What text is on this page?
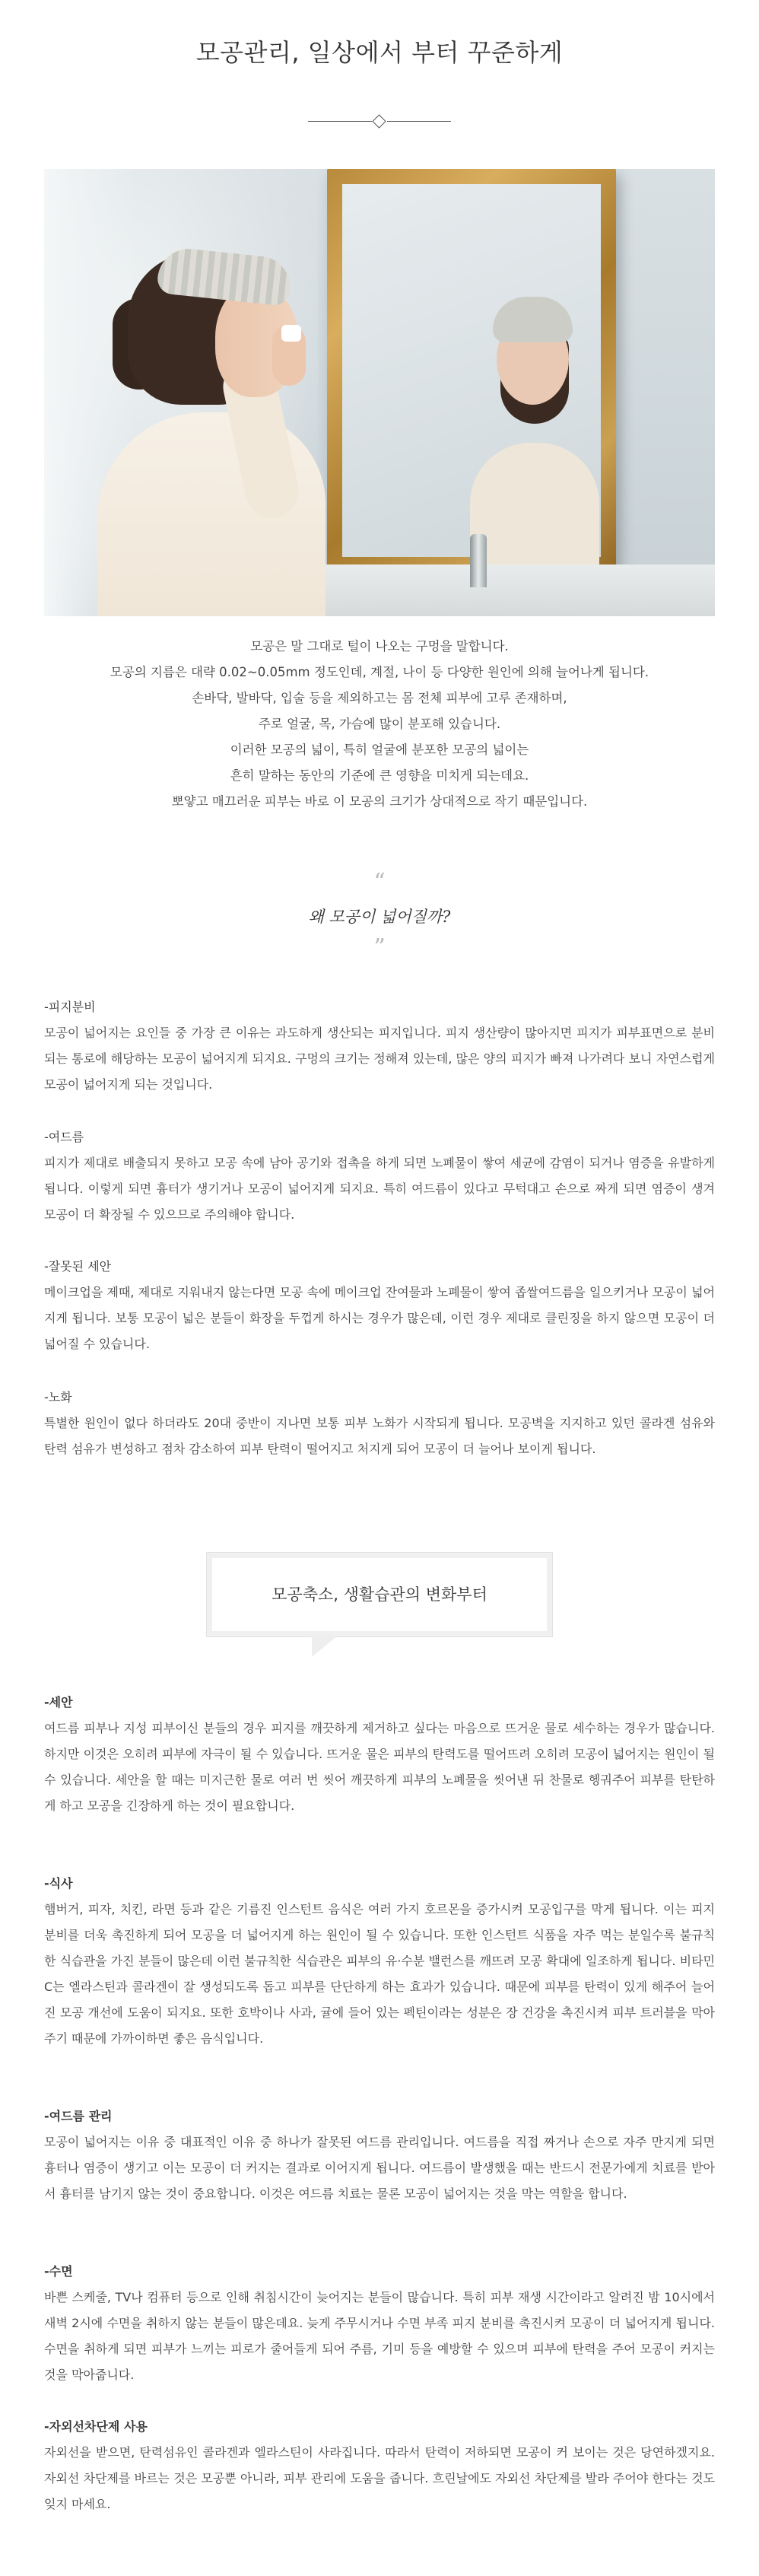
모공관리, 일상에서 부터 꾸준하게

모공은 말 그대로 털이 나오는 구멍을 말합니다.

모공의 지름은 대략 0.02~0.05mm 정도인데, 계절, 나이 등 다양한 원인에 의해 늘어나게 됩니다.

손바닥, 발바닥, 입술 등을 제외하고는 몸 전체 피부에 고루 존재하며,

주로 얼굴, 목, 가슴에 많이 분포해 있습니다.

이러한 모공의 넓이, 특히 얼굴에 분포한 모공의 넓이는

흔히 말하는 동안의 기준에 큰 영향을 미치게 되는데요.

뽀얗고 매끄러운 피부는 바로 이 모공의 크기가 상대적으로 작기 때문입니다.

“
왜 모공이 넓어질까?
”
-피지분비

모공이 넓어지는 요인들 중 가장 큰 이유는 과도하게 생산되는 피지입니다. 피지 생산량이 많아지면 피지가 피부표면으로 분비되는 통로에 해당하는 모공이 넓어지게 되지요. 구멍의 크기는 정해져 있는데, 많은 양의 피지가 빠져 나가려다 보니 자연스럽게 모공이 넓어지게 되는 것입니다.

-여드름

피지가 제대로 배출되지 못하고 모공 속에 남아 공기와 접촉을 하게 되면 노폐물이 쌓여 세균에 감염이 되거나 염증을 유발하게 됩니다. 이렇게 되면 흉터가 생기거나 모공이 넓어지게 되지요. 특히 여드름이 있다고 무턱대고 손으로 짜게 되면 염증이 생겨 모공이 더 확장될 수 있으므로 주의해야 합니다.

-잘못된 세안

메이크업을 제때, 제대로 지워내지 않는다면 모공 속에 메이크업 잔여물과 노폐물이 쌓여 좁쌀여드름을 일으키거나 모공이 넓어지게 됩니다. 보통 모공이 넓은 분들이 화장을 두껍게 하시는 경우가 많은데, 이런 경우 제대로 클린징을 하지 않으면 모공이 더 넓어질 수 있습니다.

-노화

특별한 원인이 없다 하더라도 20대 중반이 지나면 보통 피부 노화가 시작되게 됩니다. 모공벽을 지지하고 있던 콜라겐 섬유와 탄력 섬유가 변성하고 점차 감소하여 피부 탄력이 떨어지고 처지게 되어 모공이 더 늘어나 보이게 됩니다.

모공축소, 생활습관의 변화부터
-세안

여드름 피부나 지성 피부이신 분들의 경우 피지를 깨끗하게 제거하고 싶다는 마음으로 뜨거운 물로 세수하는 경우가 많습니다. 하지만 이것은 오히려 피부에 자극이 될 수 있습니다. 뜨거운 물은 피부의 탄력도를 떨어뜨려 오히려 모공이 넓어지는 원인이 될 수 있습니다. 세안을 할 때는 미지근한 물로 여러 번 씻어 깨끗하게 피부의 노폐물을 씻어낸 뒤 찬물로 헹궈주어 피부를 탄탄하게 하고 모공을 긴장하게 하는 것이 필요합니다.

-식사

햄버거, 피자, 치킨, 라면 등과 같은 기름진 인스턴트 음식은 여러 가지 호르몬을 증가시켜 모공입구를 막게 됩니다. 이는 피지 분비를 더욱 촉진하게 되어 모공을 더 넓어지게 하는 원인이 될 수 있습니다. 또한 인스턴트 식품을 자주 먹는 분일수록 불규칙한 식습관을 가진 분들이 많은데 이런 불규칙한 식습관은 피부의 유·수분 밸런스를 깨뜨려 모공 확대에 일조하게 됩니다. 비타민 C는 엘라스틴과 콜라겐이 잘 생성되도록 돕고 피부를 단단하게 하는 효과가 있습니다. 때문에 피부를 탄력이 있게 해주어 늘어진 모공 개선에 도움이 되지요. 또한 호박이나 사과, 귤에 들어 있는 펙틴이라는 성분은 장 건강을 촉진시켜 피부 트러블을 막아주기 때문에 가까이하면 좋은 음식입니다.

-여드름 관리

모공이 넓어지는 이유 중 대표적인 이유 중 하나가 잘못된 여드름 관리입니다. 여드름을 직접 짜거나 손으로 자주 만지게 되면 흉터나 염증이 생기고 이는 모공이 더 커지는 결과로 이어지게 됩니다. 여드름이 발생했을 때는 반드시 전문가에게 치료를 받아서 흉터를 남기지 않는 것이 중요합니다. 이것은 여드름 치료는 물론 모공이 넓어지는 것을 막는 역할을 합니다.

-수면

바쁜 스케줄, TV나 컴퓨터 등으로 인해 취침시간이 늦어지는 분들이 많습니다. 특히 피부 재생 시간이라고 알려진 밤 10시에서 새벽 2시에 수면을 취하지 않는 분들이 많은데요. 늦게 주무시거나 수면 부족 피지 분비를 촉진시켜 모공이 더 넓어지게 됩니다. 수면을 취하게 되면 피부가 느끼는 피로가 줄어들게 되어 주름, 기미 등을 예방할 수 있으며 피부에 탄력을 주어 모공이 커지는 것을 막아줍니다.

-자외선차단제 사용

자외선을 받으면, 탄력섬유인 콜라겐과 엘라스틴이 사라집니다. 따라서 탄력이 저하되면 모공이 커 보이는 것은 당연하겠지요. 자외선 차단제를 바르는 것은 모공뿐 아니라, 피부 관리에 도움을 줍니다. 흐린날에도 자외선 차단제를 발라 주어야 한다는 것도 잊지 마세요.
